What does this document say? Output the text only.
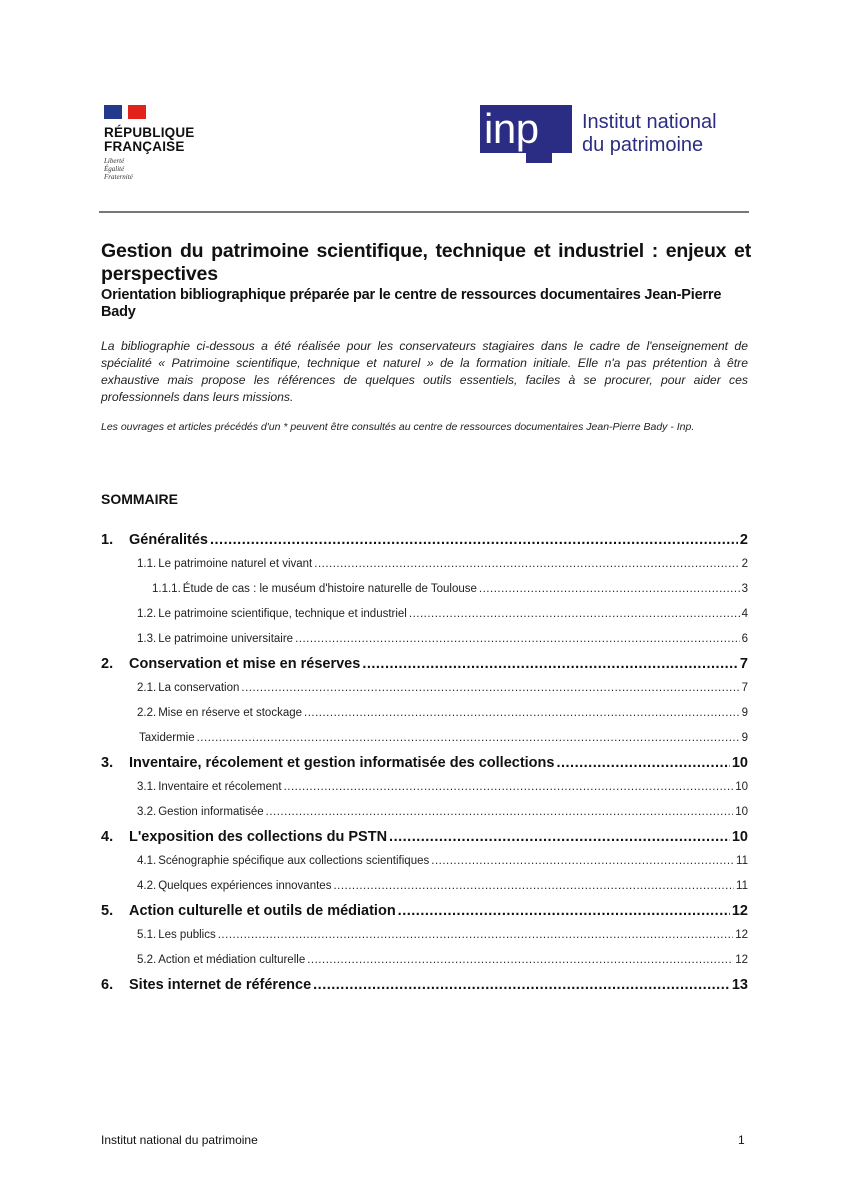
RÉPUBLIQUE
FRANÇAISE
Liberté
Égalité
Fraternité
inp Institut national
du patrimoine
Gestion du patrimoine scientifique, technique et industriel : enjeux et perspectives
Orientation bibliographique préparée par le centre de ressources documentaires Jean-Pierre Bady
La bibliographie ci-dessous a été réalisée pour les conservateurs stagiaires dans le cadre de l'enseignement de spécialité « Patrimoine scientifique, technique et naturel » de la formation initiale. Elle n'a pas prétention à être exhaustive mais propose les références de quelques outils essentiels, faciles à se procurer, pour aider ces professionnels dans leurs missions.
Les ouvrages et articles précédés d'un * peuvent être consultés au centre de ressources documentaires Jean-Pierre Bady - Inp.
SOMMAIRE
1.	Généralités .....	2
1.1. Le patrimoine naturel et vivant .....	2
1.1.1. Étude de cas : le muséum d'histoire naturelle de Toulouse .....	3
1.2. Le patrimoine scientifique, technique et industriel .....	4
1.3. Le patrimoine universitaire .....	6
2.	Conservation et mise en réserves .....	7
2.1. La conservation .....	7
2.2. Mise en réserve et stockage .....	9
Taxidermie .....	9
3.	Inventaire, récolement et gestion informatisée des collections .....	10
3.1. Inventaire et récolement .....	10
3.2. Gestion informatisée .....	10
4.	L'exposition des collections du PSTN .....	10
4.1. Scénographie spécifique aux collections scientifiques .....	11
4.2. Quelques expériences innovantes .....	11
5.	Action culturelle et outils de médiation .....	12
5.1. Les publics .....	12
5.2. Action et médiation culturelle .....	12
6.	Sites internet de référence .....	13
Institut national du patrimoine	1
